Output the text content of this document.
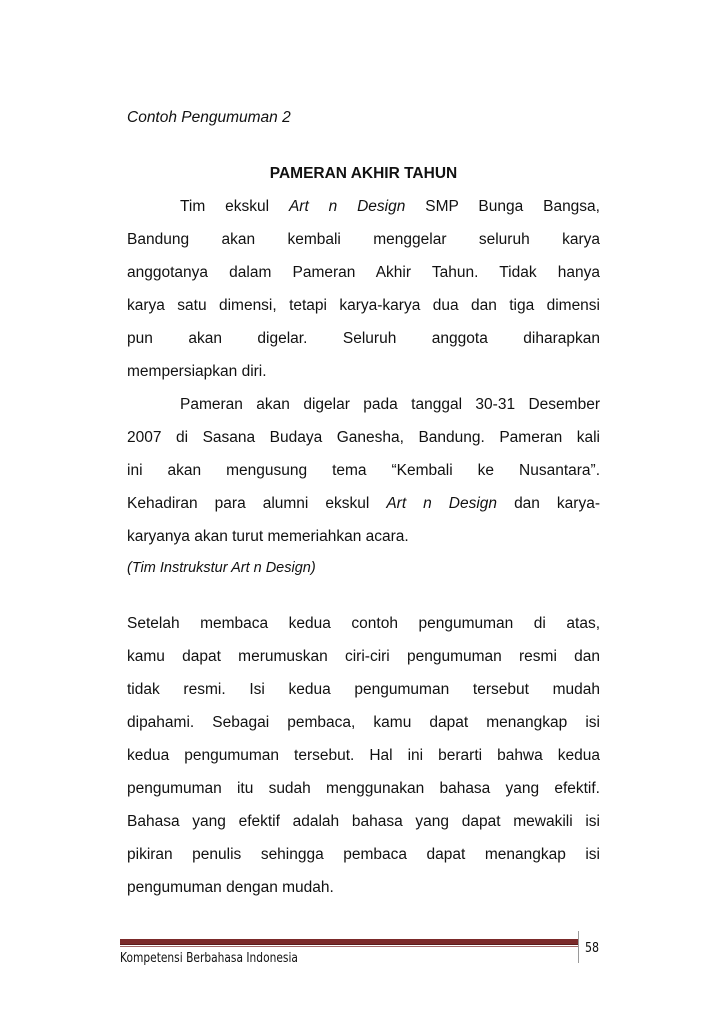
Contoh Pengumuman 2
PAMERAN AKHIR TAHUN
Tim ekskul Art n Design SMP Bunga Bangsa,
Bandung akan kembali menggelar seluruh karya
anggotanya dalam Pameran Akhir Tahun. Tidak hanya
karya satu dimensi, tetapi karya-karya dua dan tiga dimensi
pun akan digelar. Seluruh anggota diharapkan
mempersiapkan diri.
Pameran akan digelar pada tanggal 30-31 Desember
2007 di Sasana Budaya Ganesha, Bandung. Pameran kali
ini akan mengusung tema “Kembali ke Nusantara”.
Kehadiran para alumni ekskul Art n Design dan karya-
karyanya akan turut memeriahkan acara.
(Tim Instrukstur Art n Design)
Setelah membaca kedua contoh pengumuman di atas,
kamu dapat merumuskan ciri-ciri pengumuman resmi dan
tidak resmi. Isi kedua pengumuman tersebut mudah
dipahami. Sebagai pembaca, kamu dapat menangkap isi
kedua pengumuman tersebut. Hal ini berarti bahwa kedua
pengumuman itu sudah menggunakan bahasa yang efektif.
Bahasa yang efektif adalah bahasa yang dapat mewakili isi
pikiran penulis sehingga pembaca dapat menangkap isi
pengumuman dengan mudah.
Kompetensi Berbahasa Indonesia
58
